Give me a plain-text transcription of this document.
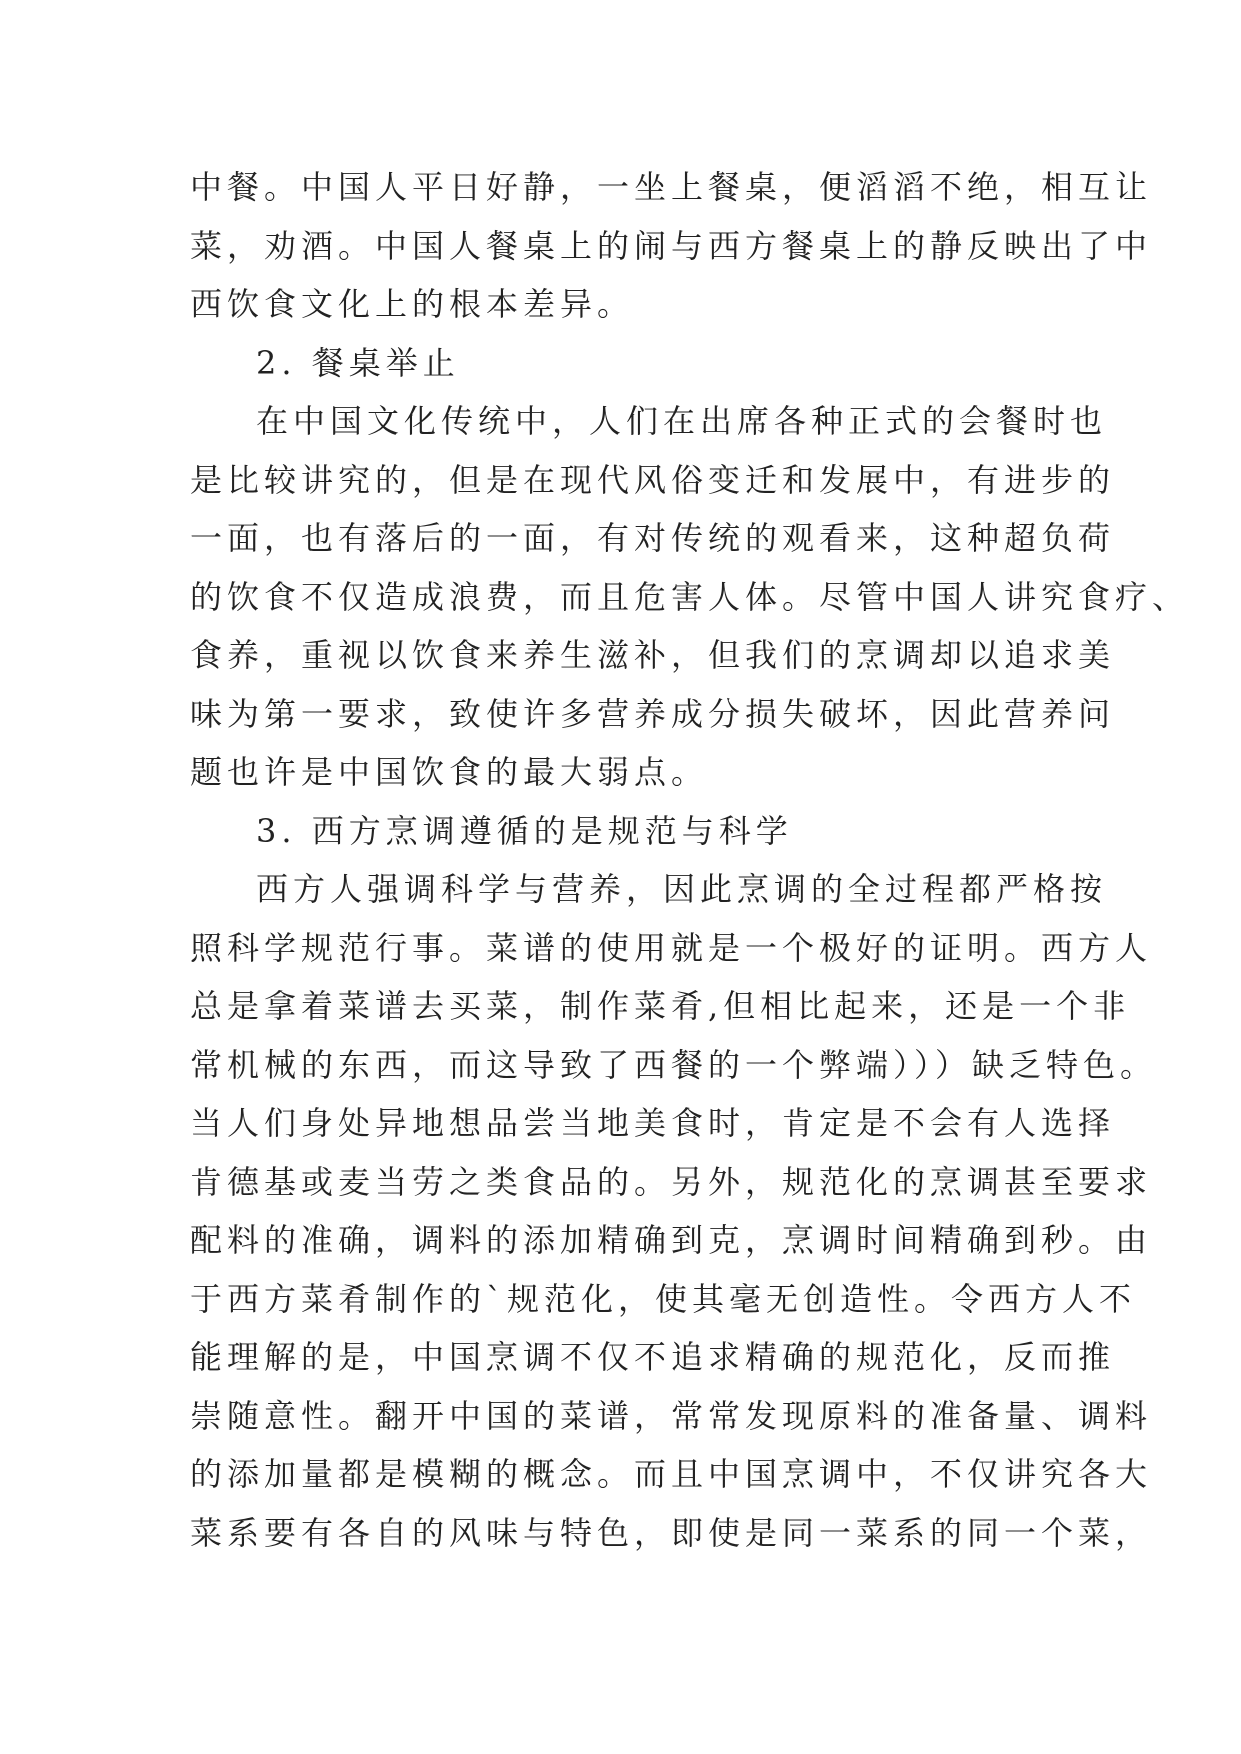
中餐。中国人平日好静，一坐上餐桌，便滔滔不绝，相互让
菜，劝酒。中国人餐桌上的闹与西方餐桌上的静反映出了中
西饮食文化上的根本差异。
2. 餐桌举止
在中国文化传统中，人们在出席各种正式的会餐时也
是比较讲究的，但是在现代风俗变迁和发展中，有进步的
一面，也有落后的一面，有对传统的观看来，这种超负荷
的饮食不仅造成浪费，而且危害人体。尽管中国人讲究食疗、
食养，重视以饮食来养生滋补，但我们的烹调却以追求美
味为第一要求，致使许多营养成分损失破坏，因此营养问
题也许是中国饮食的最大弱点。
3. 西方烹调遵循的是规范与科学
西方人强调科学与营养，因此烹调的全过程都严格按
照科学规范行事。菜谱的使用就是一个极好的证明。西方人
总是拿着菜谱去买菜，制作菜肴,但相比起来，还是一个非
常机械的东西，而这导致了西餐的一个弊端）））缺乏特色。
当人们身处异地想品尝当地美食时，肯定是不会有人选择
肯德基或麦当劳之类食品的。另外，规范化的烹调甚至要求
配料的准确，调料的添加精确到克，烹调时间精确到秒。由
于西方菜肴制作的`规范化，使其毫无创造性。令西方人不
能理解的是，中国烹调不仅不追求精确的规范化，反而推
崇随意性。翻开中国的菜谱，常常发现原料的准备量、调料
的添加量都是模糊的概念。而且中国烹调中，不仅讲究各大
菜系要有各自的风味与特色，即使是同一菜系的同一个菜，
